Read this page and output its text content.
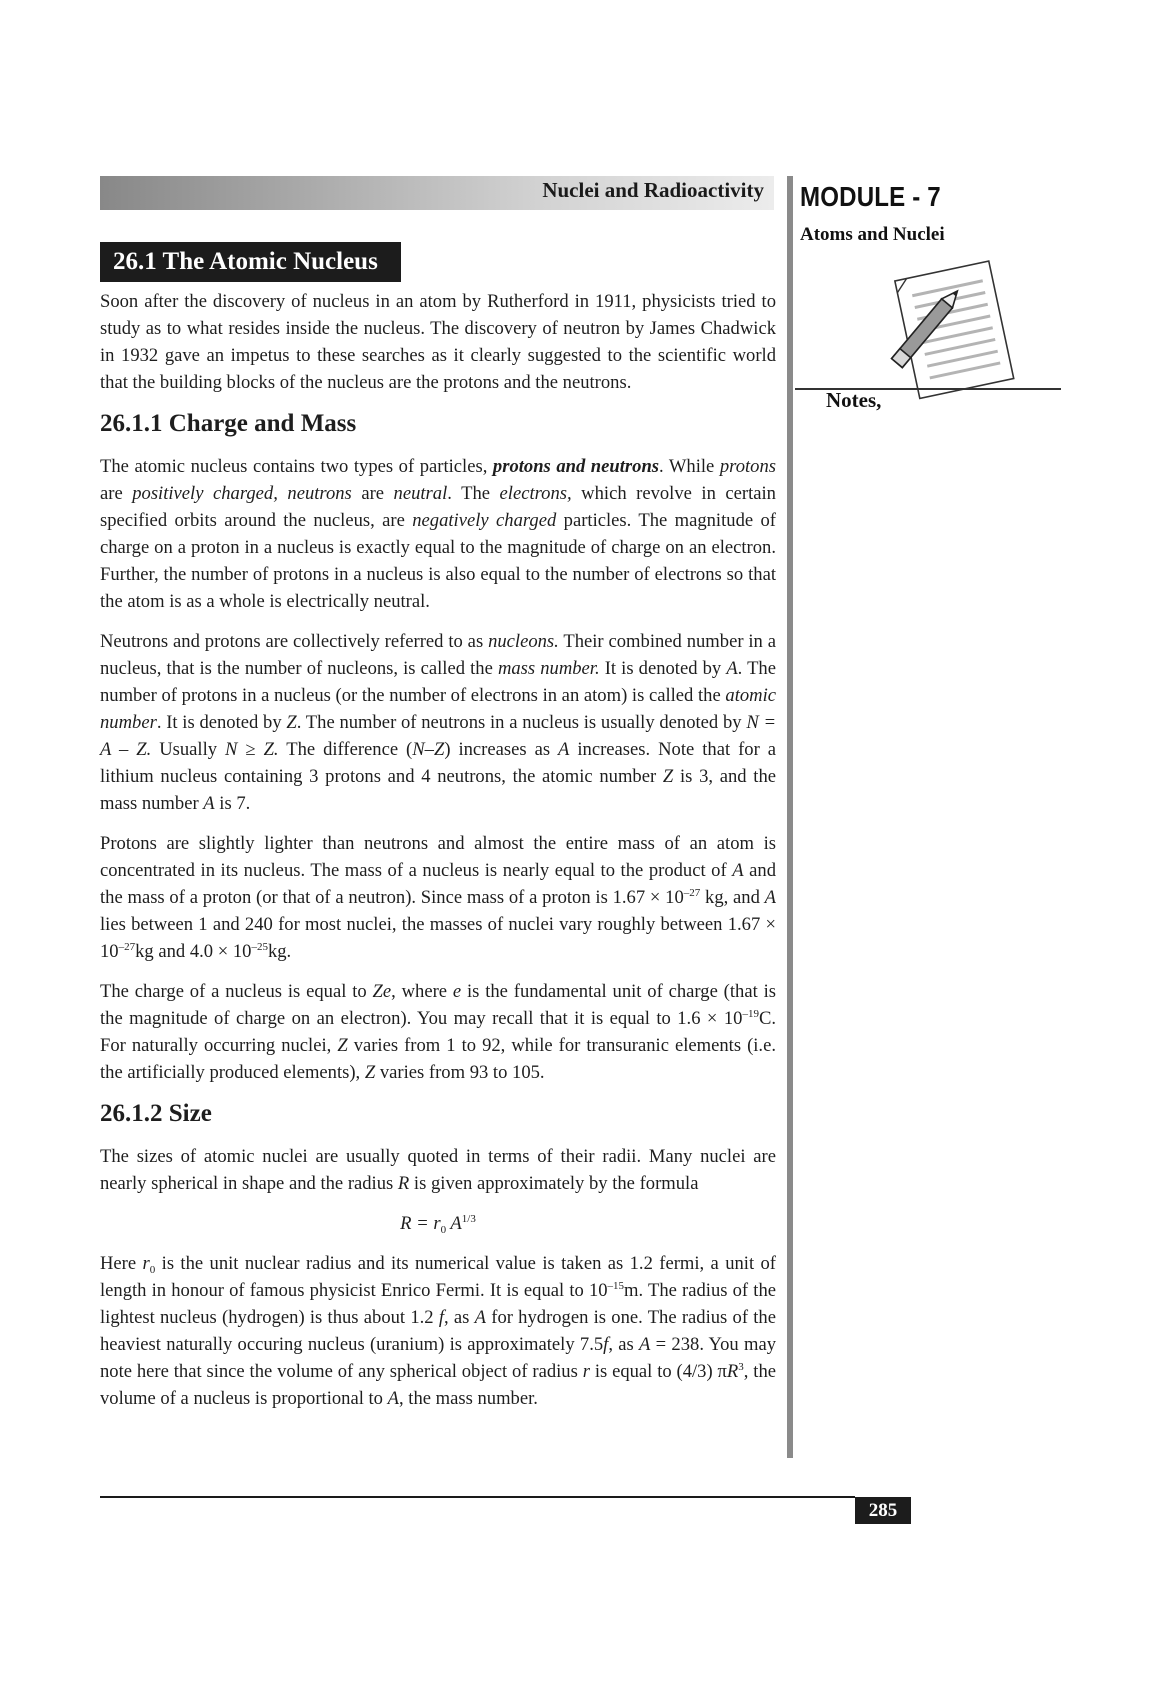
Nuclei and Radioactivity MODULE - 7
Atoms and Nuclei
Notes,
26.1 The Atomic Nucleus

Soon after the discovery of nucleus in an atom by Rutherford in 1911, physicists tried to study as to what resides inside the nucleus. The discovery of neutron by James Chadwick in 1932 gave an impetus to these searches as it clearly suggested to the scientific world that the building blocks of the nucleus are the protons and the neutrons.

26.1.1 Charge and Mass

The atomic nucleus contains two types of particles, protons and neutrons. While protons are positively charged, neutrons are neutral. The electrons, which revolve in certain specified orbits around the nucleus, are negatively charged particles. The magnitude of charge on a proton in a nucleus is exactly equal to the magnitude of charge on an electron. Further, the number of protons in a nucleus is also equal to the number of electrons so that the atom is as a whole is electrically neutral.

Neutrons and protons are collectively referred to as nucleons. Their combined number in a nucleus, that is the number of nucleons, is called the mass number. It is denoted by A. The number of protons in a nucleus (or the number of electrons in an atom) is called the atomic number. It is denoted by Z. The number of neutrons in a nucleus is usually denoted by N = A – Z. Usually N ≥ Z. The difference (N–Z) increases as A increases. Note that for a lithium nucleus containing 3 protons and 4 neutrons, the atomic number Z is 3, and the mass number A is 7.

Protons are slightly lighter than neutrons and almost the entire mass of an atom is concentrated in its nucleus. The mass of a nucleus is nearly equal to the product of A and the mass of a proton (or that of a neutron). Since mass of a proton is $1.67 \times 10^{-27}$ kg, and A lies between 1 and 240 for most nuclei, the masses of nuclei vary roughly between $1.67 \times 10^{-27}kg$ and $4.0 \times 10^{-25}kg$.

The charge of a nucleus is equal to Ze, where e is the fundamental unit of charge (that is the magnitude of charge on an electron). You may recall that it is equal to $1.6 \times 10^{-19}C$. For naturally occurring nuclei, Z varies from 1 to 92, while for transuranic elements (i.e. the artificially produced elements), Z varies from 93 to 105.

26.1.2 Size

The sizes of atomic nuclei are usually quoted in terms of their radii. Many nuclei are nearly spherical in shape and the radius R is given approximately by the formula

$R = r_0$ $A^{1/3}$

Here $r_0$ is the unit nuclear radius and its numerical value is taken as 1.2 fermi, a unit of length in honour of famous physicist Enrico Fermi. It is equal to $10^{-15}m$. The radius of the lightest nucleus (hydrogen) is thus about 1.2 f, as A for hydrogen is one. The radius of the heaviest naturally occuring nucleus (uranium) is approximately 7.5f, as A = 238. You may note here that since the volume of any spherical object of radius r is equal to (4/3) $\pi R^3$, the volume of a nucleus is proportional to A, the mass number.

285
